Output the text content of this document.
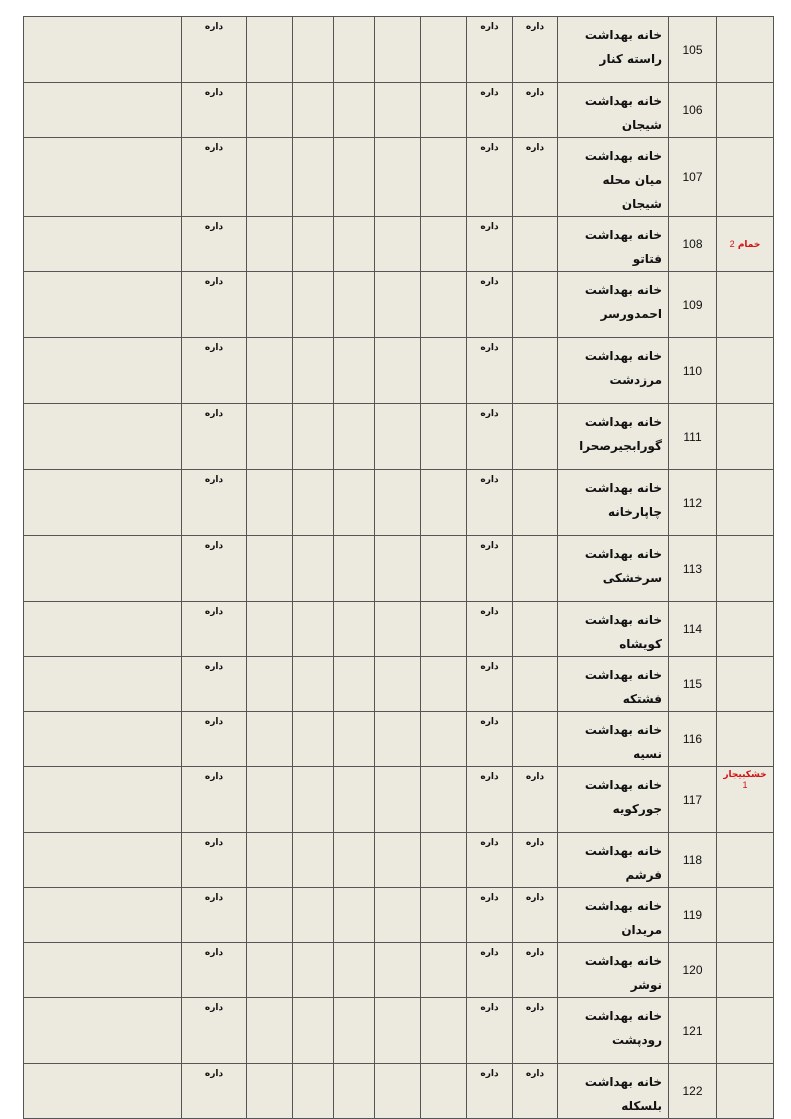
	داره						داره	داره	خانه بهداشت راسته کنار	105	

	داره						داره	داره	خانه بهداشت شیجان	106	

	داره						داره	داره	خانه بهداشت میان محله شیجان	107	

	داره						داره		خانه بهداشت فتاتو	108	خمام 2
	داره						داره		خانه بهداشت احمدورسر	109	

	داره						داره		خانه بهداشت مرزدشت	110	

	داره						داره		خانه بهداشت گورابجیرصحرا	111	

	داره						داره		خانه بهداشت چاپارخانه	112	

	داره						داره		خانه بهداشت سرخشکی	113	

	داره						داره		خانه بهداشت کویشاه	114	

	داره						داره		خانه بهداشت فشتکه	115	

	داره						داره		خانه بهداشت نسیه	116	

	داره						داره	داره	خانه بهداشت جورکویه	117	خشکبیجار
1
	داره						داره	داره	خانه بهداشت فرشم	118	

	داره						داره	داره	خانه بهداشت مریدان	119	

	داره						داره	داره	خانه بهداشت نوشر	120	

	داره						داره	داره	خانه بهداشت رودپشت	121	

	داره						داره	داره	خانه بهداشت بلسکله	122	
